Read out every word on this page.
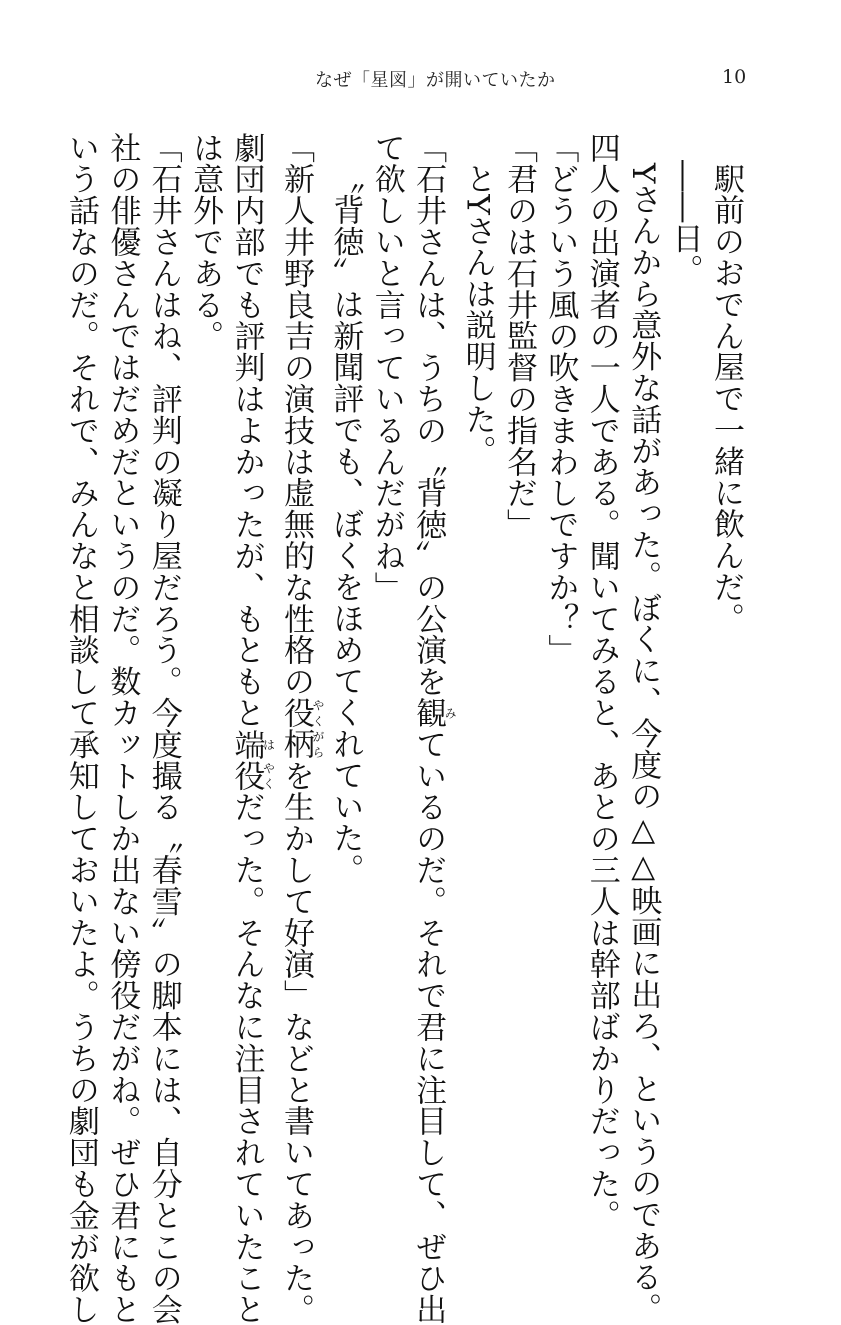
なぜ「星図」が開いていたか	10
駅前のおでん屋で一緒に飲んだ。
――日。
Yさんから意外な話があった。ぼくに、今度の△△映画に出ろ、というのである。
四人の出演者の一人である。聞いてみると、あとの三人は幹部ばかりだった。
「どういう風の吹きまわしですか？」
「君のは石井監督の指名だ」
とYさんは説明した。
「石井さんは、うちの〝背徳〟の公演を観みているのだ。それで君に注目して、ぜひ出
て欲しいと言っているんだがね」
〝背徳〟は新聞評でも、ぼくをほめてくれていた。
「新人井野良吉の演技は虚無的な性格の役柄やくがらを生かして好演」などと書いてあった。
劇団内部でも評判はよかったが、もともと端は役やくだった。そんなに注目されていたこと
は意外である。
「石井さんはね、評判の凝り屋だろう。今度撮る〝春雪〟の脚本には、自分とこの会
社の俳優さんではだめだというのだ。数カットしか出ない傍役だがね。ぜひ君にもと
いう話なのだ。それで、みんなと相談して承知しておいたよ。うちの劇団も金が欲し
